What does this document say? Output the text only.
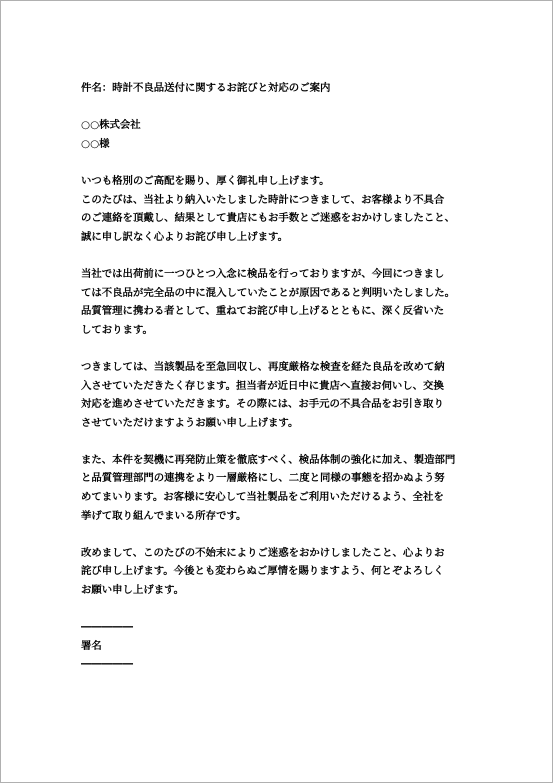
件名：時計不良品送付に関するお詫びと対応のご案内
○○株式会社
○○様
いつも格別のご高配を賜り、厚く御礼申し上げます。
このたびは、当社より納入いたしました時計につきまして、お客様より不具合
のご連絡を頂戴し、結果として貴店にもお手数とご迷惑をおかけしましたこと、
誠に申し訳なく心よりお詫び申し上げます。
当社では出荷前に一つひとつ入念に検品を行っておりますが、今回につきまし
ては不良品が完全品の中に混入していたことが原因であると判明いたしました。
品質管理に携わる者として、重ねてお詫び申し上げるとともに、深く反省いた
しております。
つきましては、当該製品を至急回収し、再度厳格な検査を経た良品を改めて納
入させていただきたく存じます。担当者が近日中に貴店へ直接お伺いし、交換
対応を進めさせていただきます。その際には、お手元の不具合品をお引き取り
させていただけますようお願い申し上げます。
また、本件を契機に再発防止策を徹底すべく、検品体制の強化に加え、製造部門
と品質管理部門の連携をより一層厳格にし、二度と同様の事態を招かぬよう努
めてまいります。お客様に安心して当社製品をご利用いただけるよう、全社を
挙げて取り組んでまいる所存です。
改めまして、このたびの不始末によりご迷惑をおかけしましたこと、心よりお
詫び申し上げます。今後とも変わらぬご厚情を賜りますよう、何とぞよろしく
お願い申し上げます。
―――――
署名
―――――
